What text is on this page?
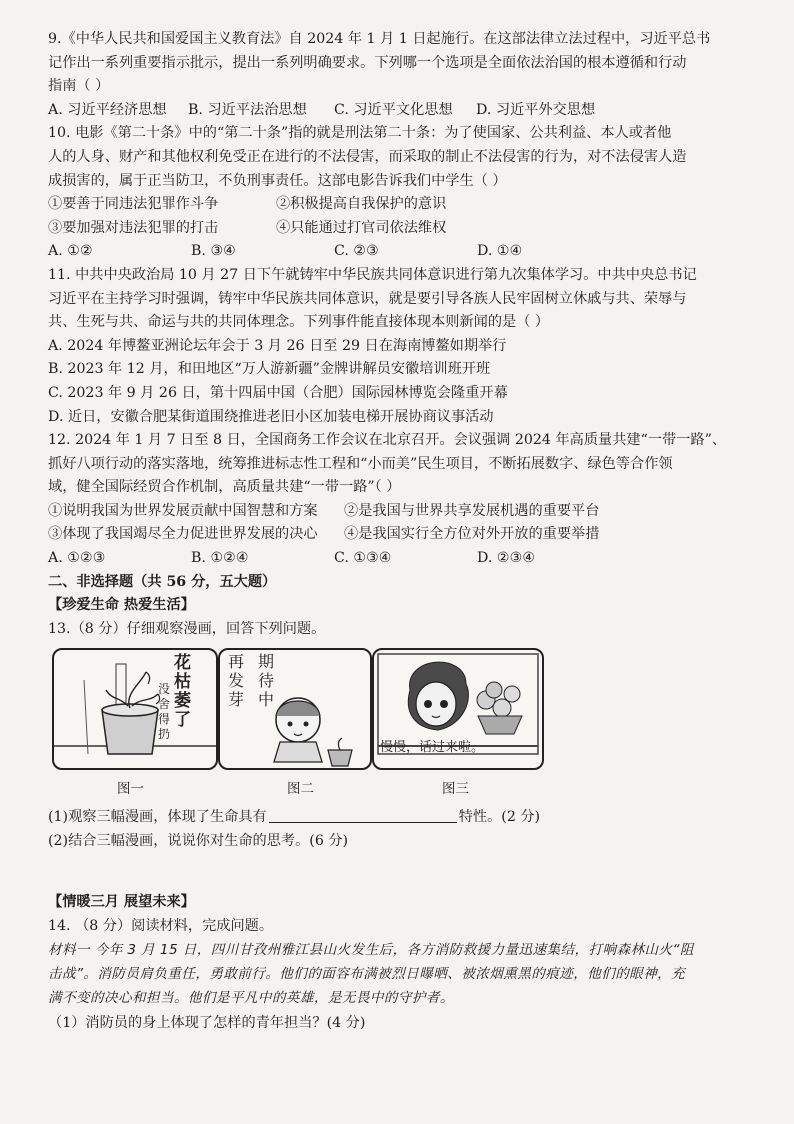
9.《中华人民共和国爱国主义教育法》自 2024 年 1 月 1 日起施行。在这部法律立法过程中，习近平总书
记作出一系列重要指示批示，提出一系列明确要求。下列哪一个选项是全面依法治国的根本遵循和行动
指南（ ）
A. 习近平经济思想	B. 习近平法治思想	C. 习近平文化思想	D. 习近平外交思想
10. 电影《第二十条》中的“第二十条”指的就是刑法第二十条：为了使国家、公共利益、本人或者他
人的人身、财产和其他权利免受正在进行的不法侵害，而采取的制止不法侵害的行为，对不法侵害人造
成损害的，属于正当防卫，不负刑事责任。这部电影告诉我们中学生（ ）
①要善于同违法犯罪作斗争	②积极提高自我保护的意识
③要加强对违法犯罪的打击	④只能通过打官司依法维权
A. ①②	B. ③④	C. ②③	D. ①④
11. 中共中央政治局 10 月 27 日下午就铸牢中华民族共同体意识进行第九次集体学习。中共中央总书记
习近平在主持学习时强调，铸牢中华民族共同体意识，就是要引导各族人民牢固树立休戚与共、荣辱与
共、生死与共、命运与共的共同体理念。下列事件能直接体现本则新闻的是（ ）
A. 2024 年博鳌亚洲论坛年会于 3 月 26 日至 29 日在海南博鳌如期举行
B. 2023 年 12 月，和田地区“万人游新疆”金牌讲解员安徽培训班开班
C. 2023 年 9 月 26 日，第十四届中国（合肥）国际园林博览会隆重开幕
D. 近日，安徽合肥某街道围绕推进老旧小区加装电梯开展协商议事活动
12. 2024 年 1 月 7 日至 8 日，全国商务工作会议在北京召开。会议强调 2024 年高质量共建“一带一路”、
抓好八项行动的落实落地，统筹推进标志性工程和“小而美”民生项目，不断拓展数字、绿色等合作领
域，健全国际经贸合作机制，高质量共建“一带一路”（ ）
①说明我国为世界发展贡献中国智慧和方案	②是我国与世界共享发展机遇的重要平台
③体现了我国竭尽全力促进世界发展的决心	④是我国实行全方位对外开放的重要举措
A. ①②③	B. ①②④	C. ①③④	D. ②③④
二、非选择题（共 56 分，五大题）
【珍爱生命 热爱生活】
13.（8 分）仔细观察漫画，回答下列问题。
花
枯
萎
了
没
舍
得
扔
再 期
发 待
芽 中
慢慢，话过来啦。
图一	图二	图三
(1)观察三幅漫画，体现了生命具有	特性。(2 分)
(2)结合三幅漫画，说说你对生命的思考。(6 分)
【情暖三月 展望未来】
14. （8 分）阅读材料，完成问题。
材料一 今年 3 月 15 日，四川甘孜州雅江县山火发生后，各方消防救援力量迅速集结，打响森林山火“阻
击战”。消防员肩负重任，勇敢前行。他们的面容布满被烈日曝晒、被浓烟熏黑的痕迹，他们的眼神，充
满不变的决心和担当。他们是平凡中的英雄，是无畏中的守护者。
（1）消防员的身上体现了怎样的青年担当？(4 分)
